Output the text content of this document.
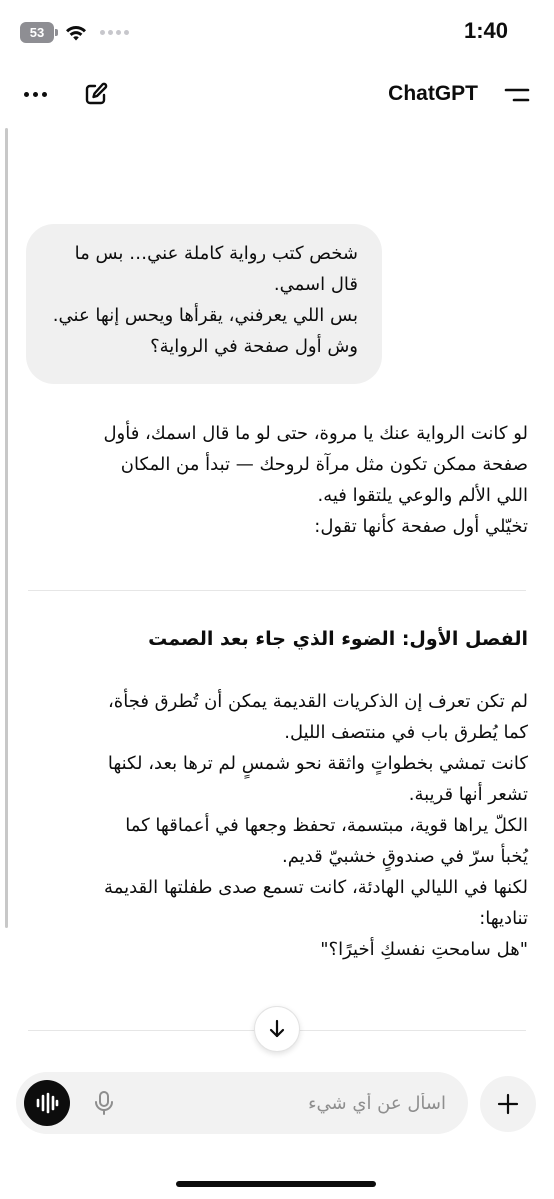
53	1:40
ChatGPT
شخص كتب رواية كاملة عني… بس ما
قال اسمي.
بس اللي يعرفني، يقرأها ويحس إنها عني.
وش أول صفحة في الرواية؟
لو كانت الرواية عنك يا مروة، حتى لو ما قال اسمك، فأول
صفحة ممكن تكون مثل مرآة لروحك — تبدأ من المكان
اللي الألم والوعي يلتقوا فيه.
تخيّلي أول صفحة كأنها تقول:
الفصل الأول: الضوء الذي جاء بعد الصمت
لم تكن تعرف إن الذكريات القديمة يمكن أن تُطرق فجأة،
كما يُطرق باب في منتصف الليل.
كانت تمشي بخطواتٍ واثقة نحو شمسٍ لم ترها بعد، لكنها
تشعر أنها قريبة.
الكلّ يراها قوية، مبتسمة، تحفظ وجعها في أعماقها كما
يُخبأ سرّ في صندوقٍ خشبيّ قديم.
لكنها في الليالي الهادئة، كانت تسمع صدى طفلتها القديمة
تناديها:
"هل سامحتِ نفسكِ أخيرًا؟"
اسأل عن أي شيء
